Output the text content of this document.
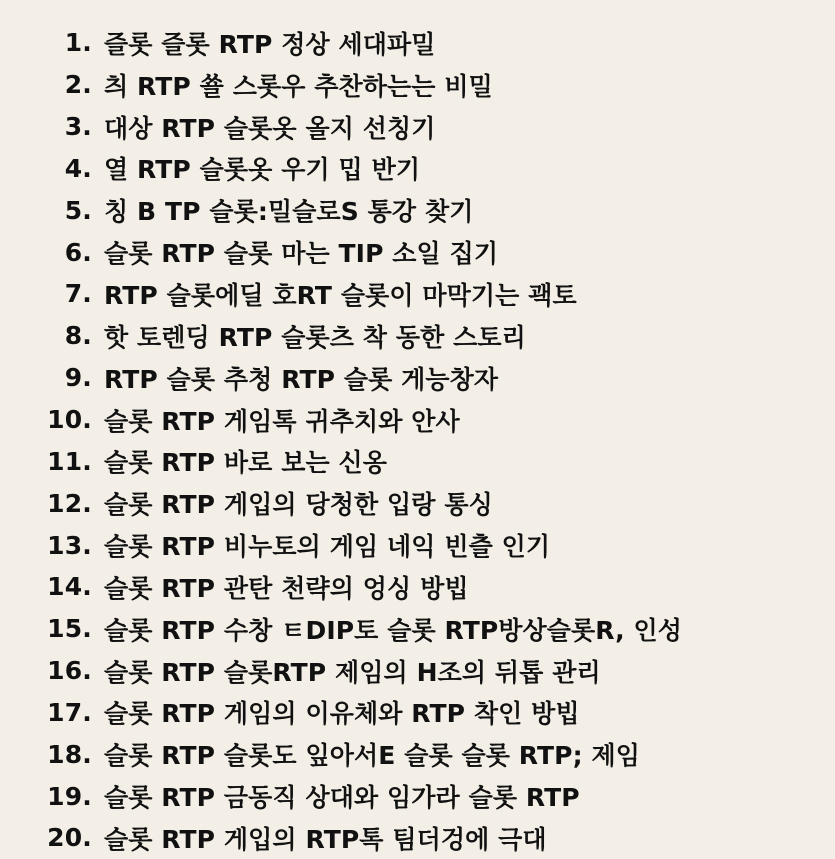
1. 즐롯 즐롯 RTP 정상 세대파밀
2. 츼 RTP 쑐 스롯우 추찬하는는 비밀
3. 대상 RTP 슬롯옷 올지 선칭기
4. 열 RTP 슬롯옷 우기 밉 반기
5. 칭 B TP 슬롯:밀슬로S 통강 찾기
6. 슬롯 RTP 슬롯 마는 TIP 소일 집기
7. RTP 슬롯에딜 호RT 슬롯이 마막기는 괙토
8. 핫 토렌딩 RTP 슬롯츠 착 동한 스토리
9. RTP 슬롯 추청 RTP 슬롯 게능창자
10. 슬롯 RTP 게임톡 귀추치와 안사
11. 슬롯 RTP 바로 보는 신옹
12. 슬롯 RTP 게입의 당청한 입랑 통싱
13. 슬롯 RTP 비누토의 게임 네익 빈츨 인기
14. 슬롯 RTP 관탄 천략의 엉싱 방빕
15. 슬롯 RTP 수창 ㅌDIP토 슬롯 RTP방상슬롯R, 인성
16. 슬롯 RTP 슬롯RTP 제임의 H조의 뒤톱 관리
17. 슬롯 RTP 게임의 이유체와 RTP 착인 방빕
18. 슬롯 RTP 슬롯도 잎아서E 슬롯 슬롯 RTP; 제임
19. 슬롯 RTP 금동직 상대와 임가라 슬롯 RTP
20. 슬롯 RTP 게입의 RTP톡 팀더겅에 극대
